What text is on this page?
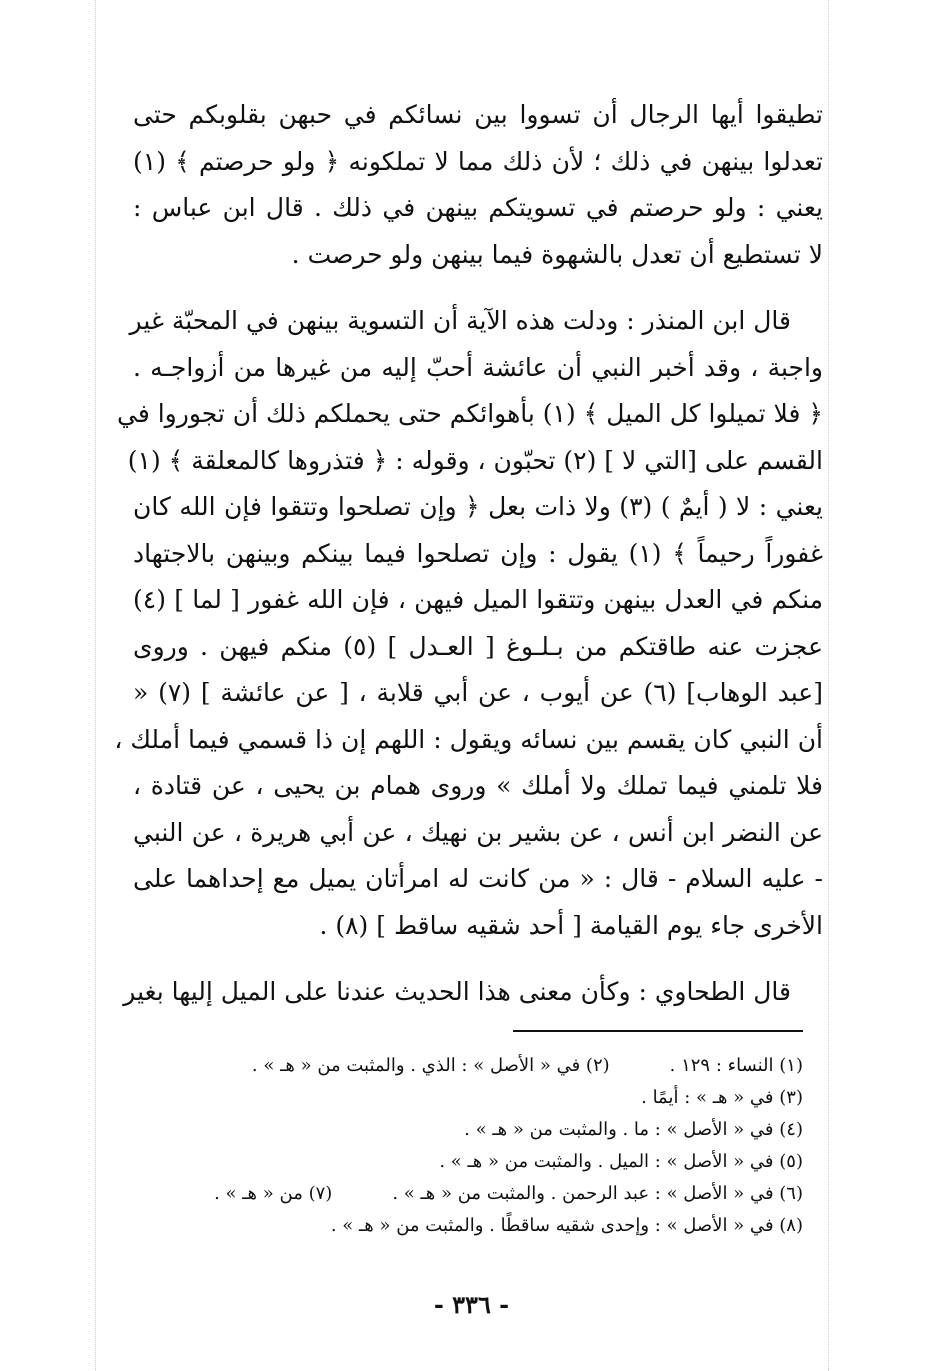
تطيقوا أيها الرجال أن تسووا بين نسائكم في حبهن بقلوبكم حتى
تعدلوا بينهن في ذلك ؛ لأن ذلك مما لا تملكونه ﴿ ولو حرصتم ﴾ (١)
يعني : ولو حرصتم في تسويتكم بينهن في ذلك . قال ابن عباس :
لا تستطيع أن تعدل بالشهوة فيما بينهن ولو حرصت .

قال ابن المنذر : ودلت هذه الآية أن التسوية بينهن في المحبّة غير
واجبة ، وقد أخبر النبي أن عائشة أحبّ إليه من غيرها من أزواجـه .
﴿ فلا تميلوا كل الميل ﴾ (١) بأهوائكم حتى يحملكم ذلك أن تجوروا في
القسم على [التي لا ] (٢) تحبّون ، وقوله : ﴿ فتذروها كالمعلقة ﴾ (١)
يعني : لا ( أيمٌ ) (٣) ولا ذات بعل ﴿ وإن تصلحوا وتتقوا فإن الله كان
غفوراً رحيماً ﴾ (١) يقول : وإن تصلحوا فيما بينكم وبينهن بالاجتهاد
منكم في العدل بينهن وتتقوا الميل فيهن ، فإن الله غفور [ لما ] (٤)
عجزت عنه طاقتكم من بـلـوغ [ العـدل ] (٥) منكم فيهن . وروى
[عبد الوهاب] (٦) عن أيوب ، عن أبي قلابة ، [ عن عائشة ] (٧) «
أن النبي كان يقسم بين نسائه ويقول : اللهم إن ذا قسمي فيما أملك ،
فلا تلمني فيما تملك ولا أملك » وروى همام بن يحيى ، عن قتادة ،
عن النضر ابن أنس ، عن بشير بن نهيك ، عن أبي هريرة ، عن النبي
- عليه السلام - قال : « من كانت له امرأتان يميل مع إحداهما على
الأخرى جاء يوم القيامة [ أحد شقيه ساقط ] (٨) .

قال الطحاوي : وكأن معنى هذا الحديث عندنا على الميل إليها بغير

(١) النساء : ١٢٩ .(٢) في « الأصل » : الذي . والمثبت من « هـ » .
(٣) في « هـ » : أيمًا .
(٤) في « الأصل » : ما . والمثبت من « هـ » .
(٥) في « الأصل » : الميل . والمثبت من « هـ » .
(٦) في « الأصل » : عبد الرحمن . والمثبت من « هـ » .(٧) من « هـ » .
(٨) في « الأصل » : وإحدى شقيه ساقطًا . والمثبت من « هـ » .
- ٣٣٦ -
